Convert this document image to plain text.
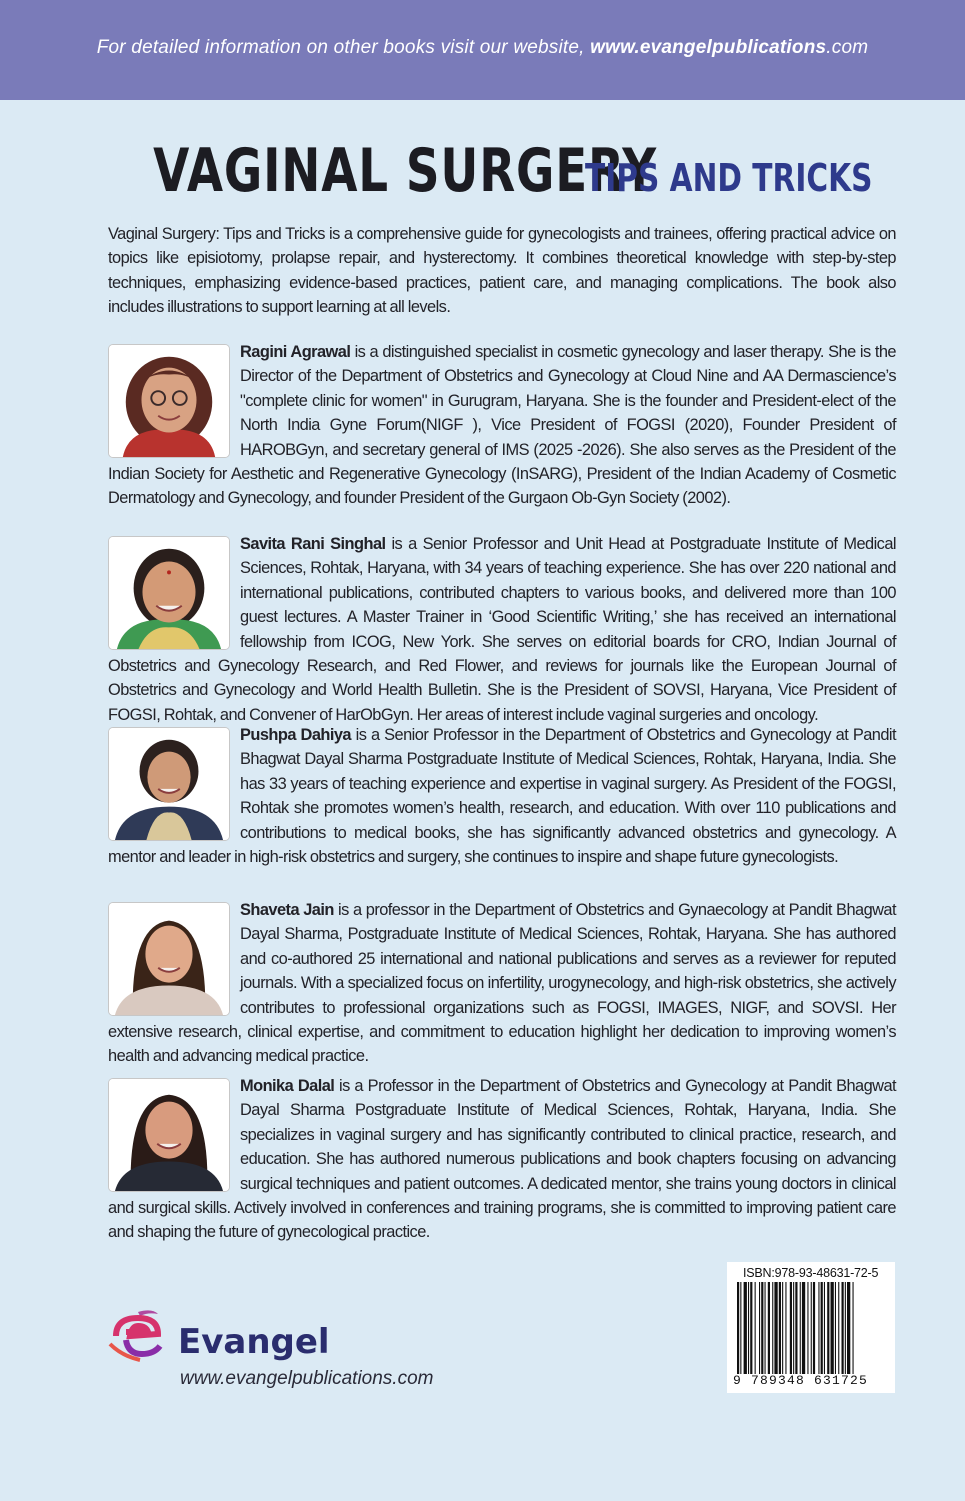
For detailed information on other books visit our website, www.evangelpublications.com

VAGINAL SURGERYTIPS AND TRICKS

Vaginal Surgery: Tips and Tricks is a comprehensive guide for gynecologists and trainees, offering practical advice on topics like episiotomy, prolapse repair, and hysterectomy. It combines theoretical knowledge with step-by-step techniques, emphasizing evidence-based practices, patient care, and managing complications. The book also includes illustrations to support learning at all levels.

Ragini Agrawal is a distinguished specialist in cosmetic gynecology and laser therapy. She is the Director of the Department of Obstetrics and Gynecology at Cloud Nine and AA Dermascience’s "complete clinic for women" in Gurugram, Haryana. She is the founder and President-elect of the North India Gyne Forum(NIGF ), Vice President of FOGSI (2020), Founder President of HAROBGyn, and secretary general of IMS (2025 -2026). She also serves as the President of the Indian Society for Aesthetic and Regenerative Gynecology (InSARG), President of the Indian Academy of Cosmetic Dermatology and Gynecology, and founder President of the Gurgaon Ob-Gyn Society (2002).
Savita Rani Singhal is a Senior Professor and Unit Head at Postgraduate Institute of Medical Sciences, Rohtak, Haryana, with 34 years of teaching experience. She has over 220 national and international publications, contributed chapters to various books, and delivered more than 100 guest lectures. A Master Trainer in ‘Good Scientific Writing,’ she has received an international fellowship from ICOG, New York. She serves on editorial boards for CRO, Indian Journal of Obstetrics and Gynecology Research, and Red Flower, and reviews for journals like the European Journal of Obstetrics and Gynecology and World Health Bulletin. She is the President of SOVSI, Haryana, Vice President of FOGSI, Rohtak, and Convener of HarObGyn. Her areas of interest include vaginal surgeries and oncology.
Pushpa Dahiya is a Senior Professor in the Department of Obstetrics and Gynecology at Pandit Bhagwat Dayal Sharma Postgraduate Institute of Medical Sciences, Rohtak, Haryana, India. She has 33 years of teaching experience and expertise in vaginal surgery. As President of the FOGSI, Rohtak she promotes women’s health, research, and education. With over 110 publications and contributions to medical books, she has significantly advanced obstetrics and gynecology. A mentor and leader in high-risk obstetrics and surgery, she continues to inspire and shape future gynecologists.
Shaveta Jain is a professor in the Department of Obstetrics and Gynaecology at Pandit Bhagwat Dayal Sharma, Postgraduate Institute of Medical Sciences, Rohtak, Haryana. She has authored and co-authored 25 international and national publications and serves as a reviewer for reputed journals. With a specialized focus on infertility, urogynecology, and high-risk obstetrics, she actively contributes to professional organizations such as FOGSI, IMAGES, NIGF, and SOVSI. Her extensive research, clinical expertise, and commitment to education highlight her dedication to improving women’s health and advancing medical practice.
Monika Dalal is a Professor in the Department of Obstetrics and Gynecology at Pandit Bhagwat Dayal Sharma Postgraduate Institute of Medical Sciences, Rohtak, Haryana, India. She specializes in vaginal surgery and has significantly contributed to clinical practice, research, and education. She has authored numerous publications and book chapters focusing on advancing surgical techniques and patient outcomes. A dedicated mentor, she trains young doctors in clinical and surgical skills. Actively involved in conferences and training programs, she is committed to improving patient care and shaping the future of gynecological practice.
Evangel
www.evangelpublications.com
ISBN:978-93-48631-72-5
9 789348 631725
